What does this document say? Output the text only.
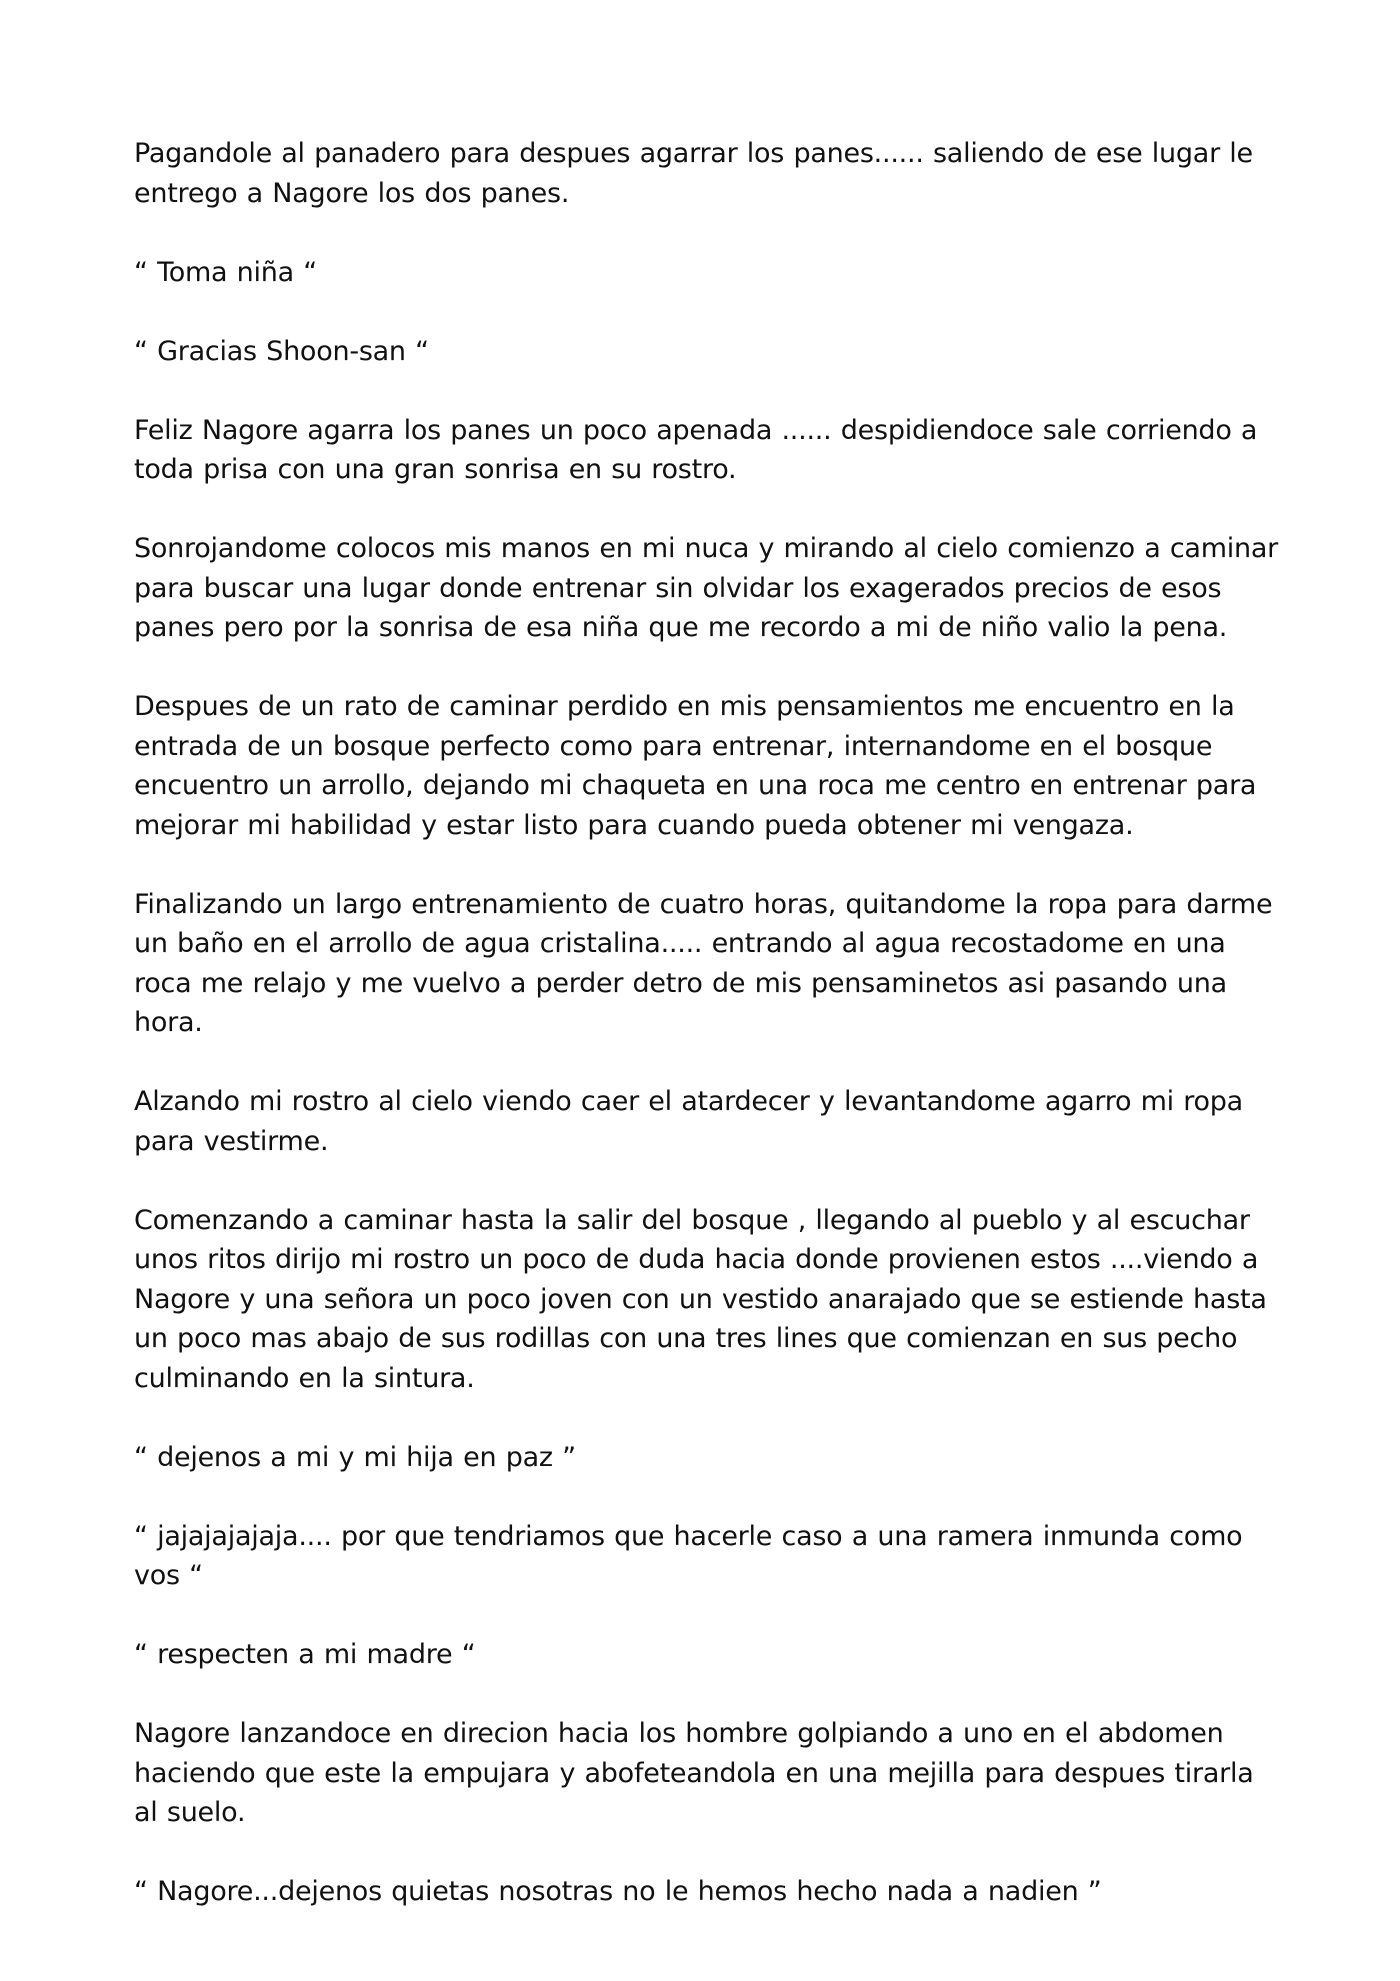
Pagandole al panadero para despues agarrar los panes...... saliendo de ese lugar le entrego a Nagore los dos panes.

“ Toma niña “

“ Gracias Shoon-san “

Feliz Nagore agarra los panes un poco apenada ...... despidiendoce sale corriendo a toda prisa con una gran sonrisa en su rostro.

Sonrojandome colocos mis manos en mi nuca y mirando al cielo comienzo a caminar para buscar una lugar donde entrenar sin olvidar los exagerados precios de esos panes pero por la sonrisa de esa niña que me recordo a mi de niño valio la pena.

Despues de un rato de caminar perdido en mis pensamientos me encuentro en la entrada de un bosque perfecto como para entrenar, internandome en el bosque encuentro un arrollo, dejando mi chaqueta en una roca me centro en entrenar para mejorar mi habilidad y estar listo para cuando pueda obtener mi vengaza.

Finalizando un largo entrenamiento de cuatro horas, quitandome la ropa para darme un baño en el arrollo de agua cristalina..... entrando al agua recostadome en una roca me relajo y me vuelvo a perder detro de mis pensaminetos asi pasando una hora.

Alzando mi rostro al cielo viendo caer el atardecer y levantandome agarro mi ropa para vestirme.

Comenzando a caminar hasta la salir del bosque , llegando al pueblo y al escuchar unos ritos dirijo mi rostro un poco de duda hacia donde provienen estos ....viendo a Nagore y una señora un poco joven con un vestido anarajado que se estiende hasta un poco mas abajo de sus rodillas con una tres lines que comienzan en sus pecho culminando en la sintura.

“ dejenos a mi y mi hija en paz ”

“ jajajajajaja.... por que tendriamos que hacerle caso a una ramera inmunda como vos “

“ respecten a mi madre “

Nagore lanzandoce en direcion hacia los hombre golpiando a uno en el abdomen haciendo que este la empujara y abofeteandola en una mejilla para despues tirarla al suelo.

“ Nagore...dejenos quietas nosotras no le hemos hecho nada a nadien ”
